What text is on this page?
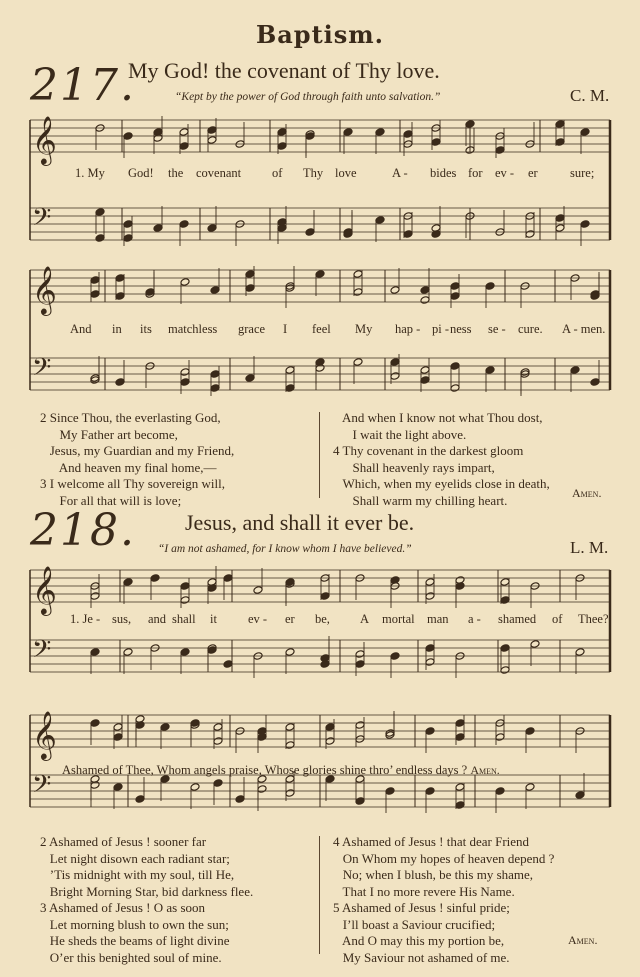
Baptism.
217.
My God! the covenant of Thy love.
“Kept by the power of God through faith unto salvation.”	C. M.
𝄞
𝄢
1. My God! the covenant of Thy love	A - bides for ev - er	sure;
𝄞
𝄢
And in its matchless grace I feel My hap - pi - ness se - cure. A - men.
2 Since Thou, the everlasting God,
My Father art become,
Jesus, my Guardian and my Friend,
And heaven my final home,—
3 I welcome all Thy sovereign will,
For all that will is love;
And when I know not what Thou dost,
I wait the light above.
4 Thy covenant in the darkest gloom
Shall heavenly rays impart,
Which, when my eyelids close in death,
Shall warm my chilling heart.	Amen.
218. Jesus, and shall it ever be.
“I am not ashamed, for I know whom I have believed.”	L. M.
𝄞
𝄢
1. Je - sus, and shall it ev - er be, A mortal man a - shamed of Thee?
𝄞
𝄢 Ashamed of Thee, Whom angels praise, Whose glories shine thro’ endless days ? Amen.
2 Ashamed of Jesus ! sooner far
Let night disown each radiant star;
’Tis midnight with my soul, till He,
Bright Morning Star, bid darkness flee.
3 Ashamed of Jesus ! O as soon
Let morning blush to own the sun;
He sheds the beams of light divine
O’er this benighted soul of mine.
4 Ashamed of Jesus ! that dear Friend
On Whom my hopes of heaven depend ?
No; when I blush, be this my shame,
That I no more revere His Name.
5 Ashamed of Jesus ! sinful pride;
I’ll boast a Saviour crucified;
And O may this my portion be,
My Saviour not ashamed of me.
Amen.
